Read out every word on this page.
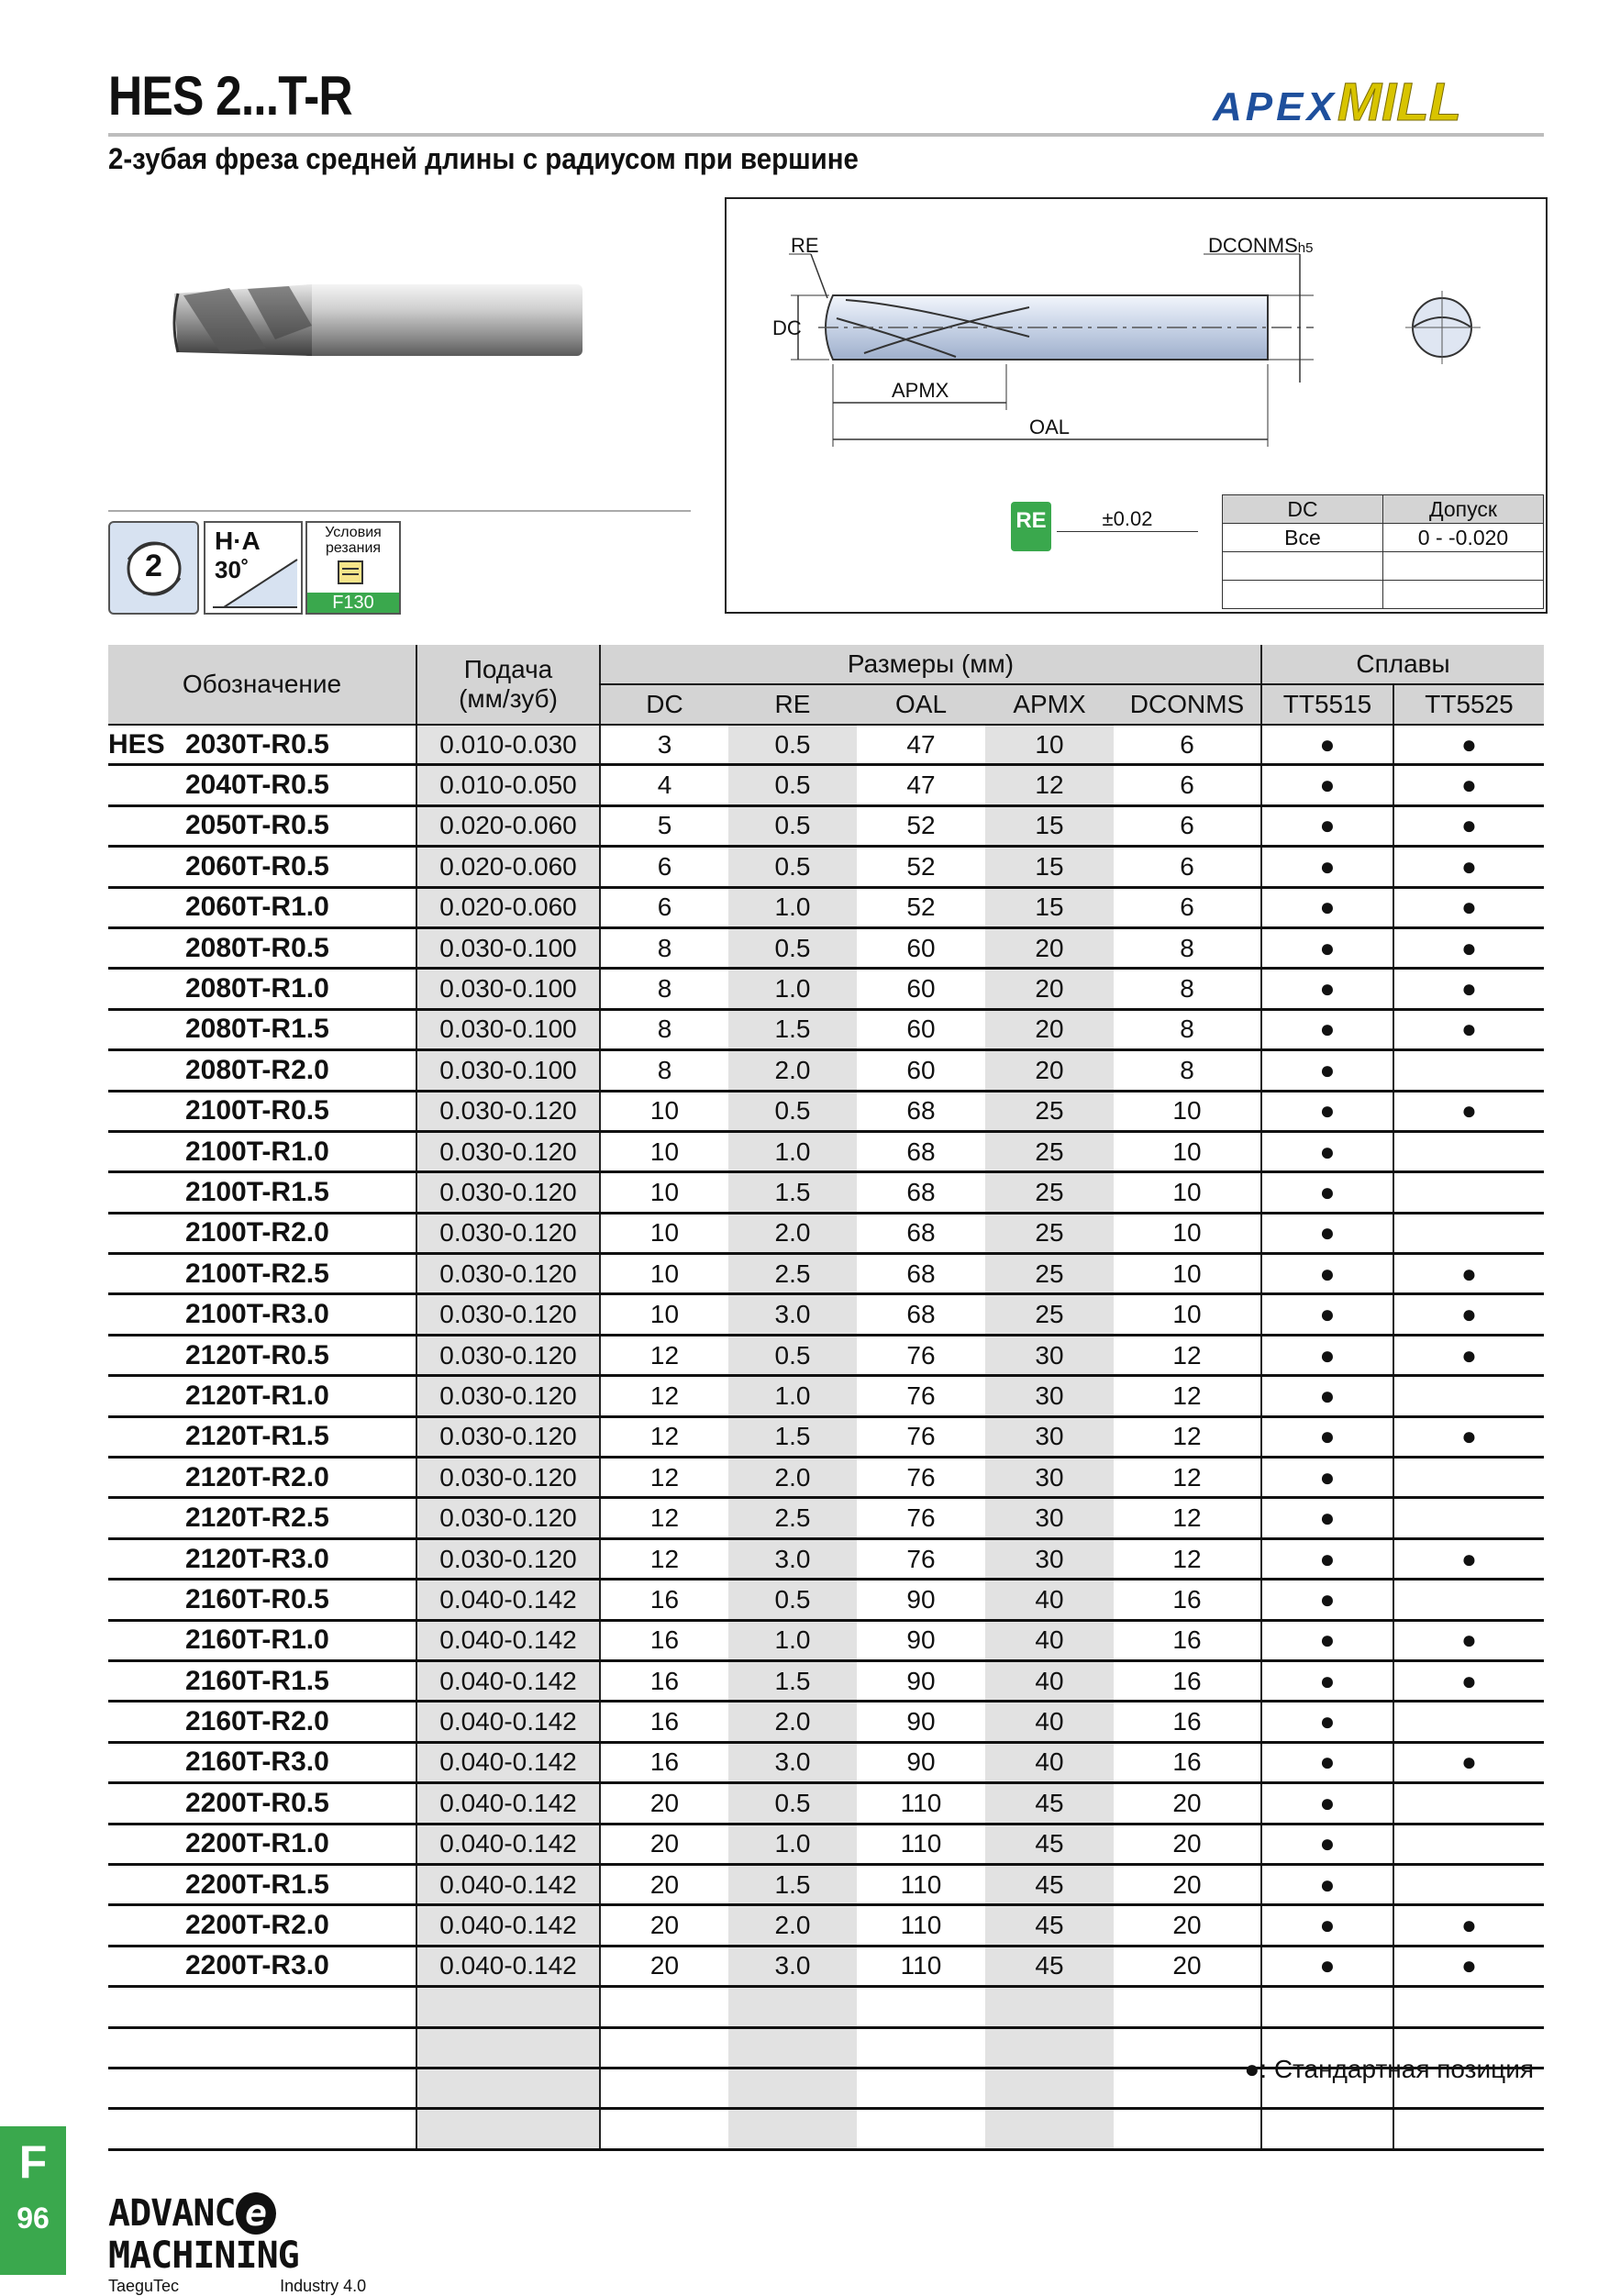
HES 2...T-R
2-зубая фреза средней длины с радиусом при вершине
APEXMILL
2
H·A
30˚
Условия резания
F130
RE
DC
DCONMSh5
APMX
OAL
RE	±0.02	DC	Допуск
Все	0 - -0.020

Обозначение	Подача
(мм/зуб)	Размеры (мм)					Сплавы	
		DC	RE	OAL	APMX	DCONMS	TT5515	TT5525
HES 2030T-R0.5	0.010-0.030	3	0.5	47	10	6	●	●
2040T-R0.5	0.010-0.050	4	0.5	47	12	6	●	●
2050T-R0.5	0.020-0.060	5	0.5	52	15	6	●	●
2060T-R0.5	0.020-0.060	6	0.5	52	15	6	●	●
2060T-R1.0	0.020-0.060	6	1.0	52	15	6	●	●
2080T-R0.5	0.030-0.100	8	0.5	60	20	8	●	●
2080T-R1.0	0.030-0.100	8	1.0	60	20	8	●	●
2080T-R1.5	0.030-0.100	8	1.5	60	20	8	●	●
2080T-R2.0	0.030-0.100	8	2.0	60	20	8	●	
2100T-R0.5	0.030-0.120	10	0.5	68	25	10	●	●
2100T-R1.0	0.030-0.120	10	1.0	68	25	10	●	
2100T-R1.5	0.030-0.120	10	1.5	68	25	10	●	
2100T-R2.0	0.030-0.120	10	2.0	68	25	10	●	
2100T-R2.5	0.030-0.120	10	2.5	68	25	10	●	●
2100T-R3.0	0.030-0.120	10	3.0	68	25	10	●	●
2120T-R0.5	0.030-0.120	12	0.5	76	30	12	●	●
2120T-R1.0	0.030-0.120	12	1.0	76	30	12	●	
2120T-R1.5	0.030-0.120	12	1.5	76	30	12	●	●
2120T-R2.0	0.030-0.120	12	2.0	76	30	12	●	
2120T-R2.5	0.030-0.120	12	2.5	76	30	12	●	
2120T-R3.0	0.030-0.120	12	3.0	76	30	12	●	●
2160T-R0.5	0.040-0.142	16	0.5	90	40	16	●	
2160T-R1.0	0.040-0.142	16	1.0	90	40	16	●	●
2160T-R1.5	0.040-0.142	16	1.5	90	40	16	●	●
2160T-R2.0	0.040-0.142	16	2.0	90	40	16	●	
2160T-R3.0	0.040-0.142	16	3.0	90	40	16	●	●
2200T-R0.5	0.040-0.142	20	0.5	110	45	20	●	
2200T-R1.0	0.040-0.142	20	1.0	110	45	20	●	
2200T-R1.5	0.040-0.142	20	1.5	110	45	20	●	
2200T-R2.0	0.040-0.142	20	2.0	110	45	20	●	●
2200T-R3.0	0.040-0.142	20	3.0	110	45	20	●	●

●: Стандартная позиция
F
96	ADVANC eMACHINING
TaeguTec	Industry 4.0
